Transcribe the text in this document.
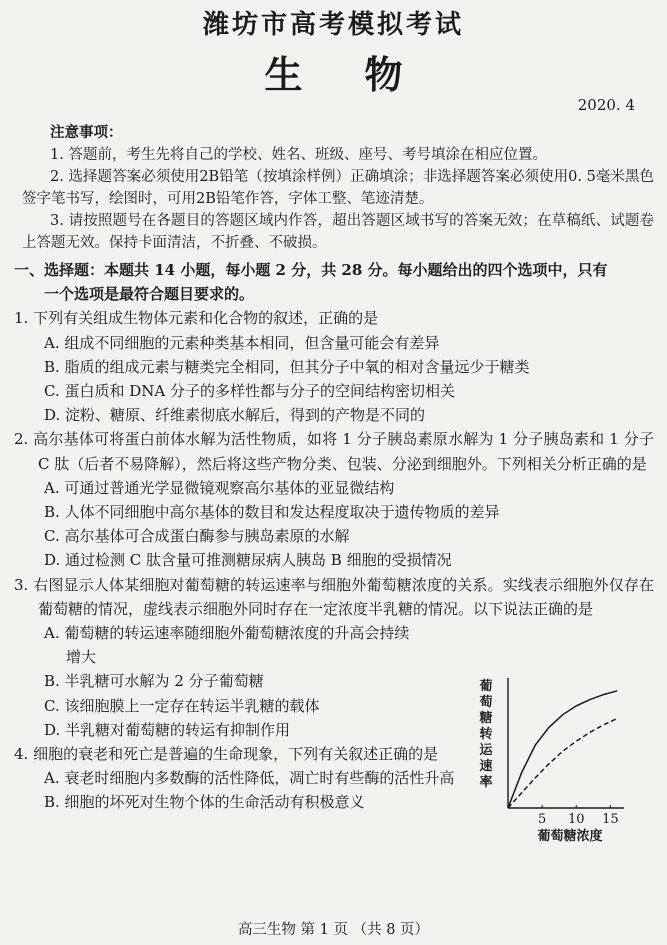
潍坊市高考模拟考试
生 物
2020. 4
注意事项：
1. 答题前，考生先将自己的学校、姓名、班级、座号、考号填涂在相应位置。
2. 选择题答案必须使用2B铅笔（按填涂样例）正确填涂；非选择题答案必须使用0. 5毫米黑色签字笔书写，绘图时，可用2B铅笔作答，字体工整、笔迹清楚。
3. 请按照题号在各题目的答题区域内作答，超出答题区域书写的答案无效；在草稿纸、试题卷上答题无效。保持卡面清洁，不折叠、不破损。
一、选择题：本题共 14 小题，每小题 2 分，共 28 分。每小题给出的四个选项中，只有
一个选项是最符合题目要求的。
1. 下列有关组成生物体元素和化合物的叙述，正确的是
A. 组成不同细胞的元素种类基本相同，但含量可能会有差异
B. 脂质的组成元素与糖类完全相同，但其分子中氧的相对含量远少于糖类
C. 蛋白质和 DNA 分子的多样性都与分子的空间结构密切相关
D. 淀粉、糖原、纤维素彻底水解后，得到的产物是不同的
2. 高尔基体可将蛋白前体水解为活性物质，如将 1 分子胰岛素原水解为 1 分子胰岛素和 1 分子 C 肽（后者不易降解），然后将这些产物分类、包装、分泌到细胞外。下列相关分析正确的是
A. 可通过普通光学显微镜观察高尔基体的亚显微结构
B. 人体不同细胞中高尔基体的数目和发达程度取决于遗传物质的差异
C. 高尔基体可合成蛋白酶参与胰岛素原的水解
D. 通过检测 C 肽含量可推测糖尿病人胰岛 B 细胞的受损情况
3. 右图显示人体某细胞对葡萄糖的转运速率与细胞外葡萄糖浓度的关系。实线表示细胞外仅存在葡萄糖的情况，虚线表示细胞外同时存在一定浓度半乳糖的情况。以下说法正确的是
A. 葡萄糖的转运速率随细胞外葡萄糖浓度的升高会持续
增大
B. 半乳糖可水解为 2 分子葡萄糖
C. 该细胞膜上一定存在转运半乳糖的载体
D. 半乳糖对葡萄糖的转运有抑制作用
4. 细胞的衰老和死亡是普遍的生命现象，下列有关叙述正确的是
A. 衰老时细胞内多数酶的活性降低，凋亡时有些酶的活性升高
B. 细胞的坏死对生物个体的生命活动有积极意义
葡
萄
糖
转
运
速
率
5 10 15
葡萄糖浓度
高三生物 第 1 页 （共 8 页）
